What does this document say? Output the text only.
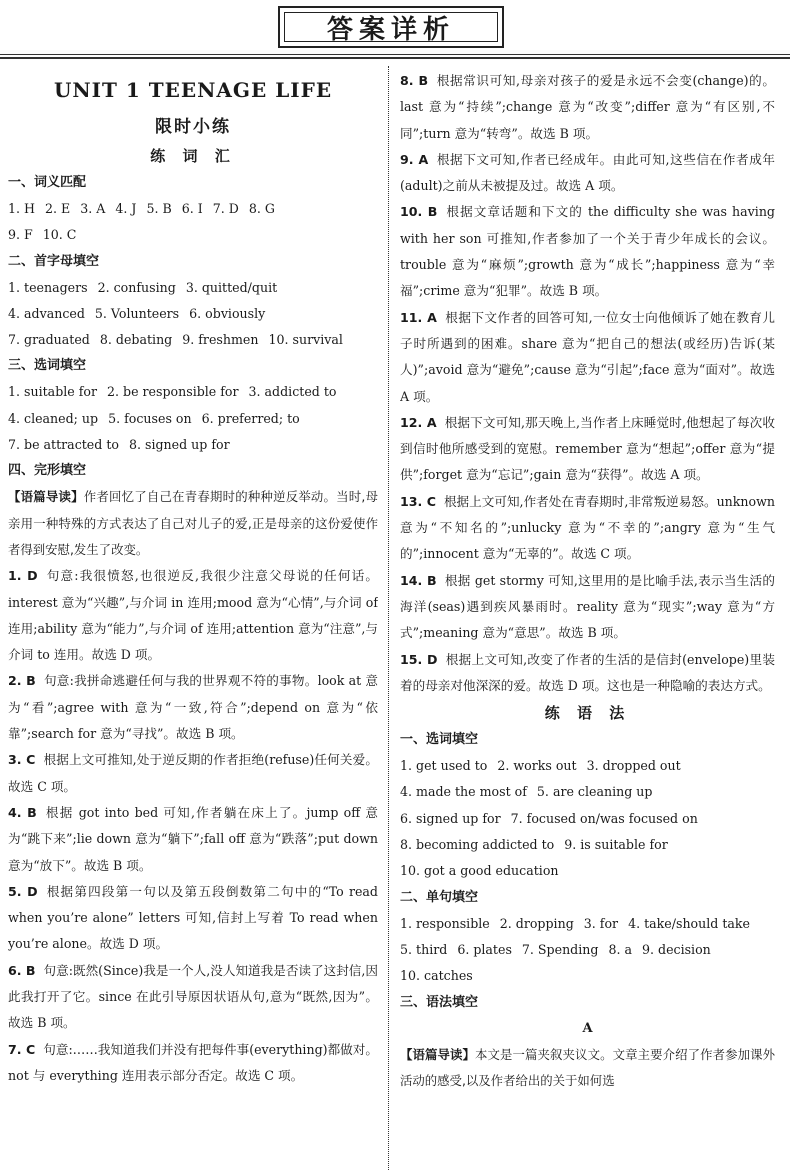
答案详析
UNIT 1 TEENAGE LIFE
限时小练
练 词 汇
一、词义匹配
1. H 2. E 3. A 4. J 5. B 6. I 7. D 8. G
9. F 10. C
二、首字母填空
1. teenagers 2. confusing 3. quitted/quit
4. advanced 5. Volunteers 6. obviously
7. graduated 8. debating 9. freshmen 10. survival
三、选词填空
1. suitable for 2. be responsible for 3. addicted to
4. cleaned; up 5. focuses on 6. preferred; to
7. be attracted to 8. signed up for
四、完形填空

【语篇导读】作者回忆了自己在青春期时的种种逆反举动。当时,母亲用一种特殊的方式表达了自己对儿子的爱,正是母亲的这份爱使作者得到安慰,发生了改变。

1. D 句意:我很愤怒,也很逆反,我很少注意父母说的任何话。interest 意为“兴趣”,与介词 in 连用;mood 意为“心情”,与介词 of 连用;ability 意为“能力”,与介词 of 连用;attention 意为“注意”,与介词 to 连用。故选 D 项。

2. B 句意:我拼命逃避任何与我的世界观不符的事物。look at 意为“看”;agree with 意为“一致,符合”;depend on 意为“依靠”;search for 意为“寻找”。故选 B 项。

3. C 根据上文可推知,处于逆反期的作者拒绝(refuse)任何关爱。故选 C 项。

4. B 根据 got into bed 可知,作者躺在床上了。jump off 意为“跳下来”;lie down 意为“躺下”;fall off 意为“跌落”;put down 意为“放下”。故选 B 项。

5. D 根据第四段第一句以及第五段倒数第二句中的“To read when you’re alone” letters 可知,信封上写着 To read when you’re alone。故选 D 项。

6. B 句意:既然(Since)我是一个人,没人知道我是否读了这封信,因此我打开了它。since 在此引导原因状语从句,意为“既然,因为”。故选 B 项。

7. C 句意:……我知道我们并没有把每件事(everything)都做对。not 与 everything 连用表示部分否定。故选 C 项。

8. B 根据常识可知,母亲对孩子的爱是永远不会变(change)的。last 意为“持续”;change 意为“改变”;differ 意为“有区别,不同”;turn 意为“转弯”。故选 B 项。

9. A 根据下文可知,作者已经成年。由此可知,这些信在作者成年(adult)之前从未被提及过。故选 A 项。

10. B 根据文章话题和下文的 the difficulty she was having with her son 可推知,作者参加了一个关于青少年成长的会议。trouble 意为“麻烦”;growth 意为“成长”;happiness 意为“幸福”;crime 意为“犯罪”。故选 B 项。

11. A 根据下文作者的回答可知,一位女士向他倾诉了她在教育儿子时所遇到的困难。share 意为“把自己的想法(或经历)告诉(某人)”;avoid 意为“避免”;cause 意为“引起”;face 意为“面对”。故选 A 项。

12. A 根据下文可知,那天晚上,当作者上床睡觉时,他想起了每次收到信时他所感受到的宽慰。remember 意为“想起”;offer 意为“提供”;forget 意为“忘记”;gain 意为“获得”。故选 A 项。

13. C 根据上文可知,作者处在青春期时,非常叛逆易怒。unknown 意为“不知名的”;unlucky 意为“不幸的”;angry 意为“生气的”;innocent 意为“无辜的”。故选 C 项。

14. B 根据 get stormy 可知,这里用的是比喻手法,表示当生活的海洋(seas)遇到疾风暴雨时。reality 意为“现实”;way 意为“方式”;meaning 意为“意思”。故选 B 项。

15. D 根据上文可知,改变了作者的生活的是信封(envelope)里装着的母亲对他深深的爱。故选 D 项。这也是一种隐喻的表达方式。

练 语 法
一、选词填空
1. get used to 2. works out 3. dropped out
4. made the most of 5. are cleaning up
6. signed up for 7. focused on/was focused on
8. becoming addicted to 9. is suitable for
10. got a good education
二、单句填空
1. responsible 2. dropping 3. for 4. take/should take
5. third 6. plates 7. Spending 8. a 9. decision
10. catches
三、语法填空
A

【语篇导读】本文是一篇夹叙夹议文。文章主要介绍了作者参加课外活动的感受,以及作者给出的关于如何选
